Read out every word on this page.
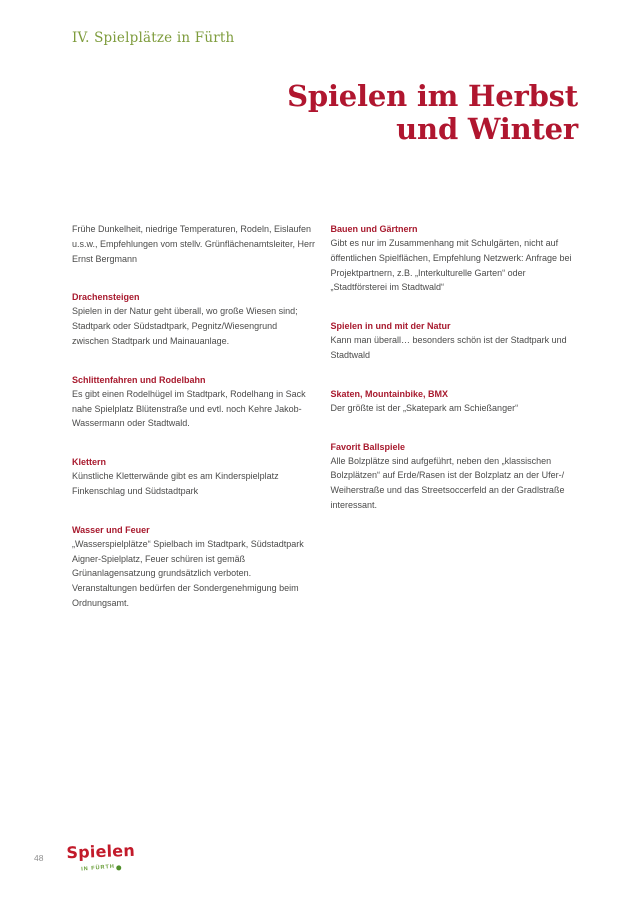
IV. Spielplätze in Fürth
Spielen im Herbst
und Winter

Frühe Dunkelheit, niedrige Temperaturen, Rodeln, Eislaufen u.s.w., Empfehlungen vom stellv. Grünflächenamtsleiter, Herr Ernst Bergmann

Drachensteigen

Spielen in der Natur geht überall, wo große Wiesen sind; Stadtpark oder Südstadtpark, Pegnitz/Wiesengrund zwischen Stadtpark und Mainauanlage.

Schlittenfahren und Rodelbahn

Es gibt einen Rodelhügel im Stadtpark, Rodelhang in Sack nahe Spielplatz Blütenstraße und evtl. noch Kehre Jakob-Wassermann oder Stadtwald.

Klettern

Künstliche Kletterwände gibt es am Kinderspielplatz Finkenschlag und Südstadtpark

Wasser und Feuer

„Wasserspielplätze“ Spielbach im Stadtpark, Südstadtpark Aigner-Spielplatz, Feuer schüren ist gemäß Grünanlagensatzung grundsätzlich verboten. Veranstaltungen bedürfen der Sondergenehmigung beim Ordnungsamt.

Bauen und Gärtnern

Gibt es nur im Zusammenhang mit Schulgärten, nicht auf öffentlichen Spielflächen, Empfehlung Netzwerk: Anfrage bei Projektpartnern, z.B. „Interkulturelle Garten“ oder „Stadtförsterei im Stadtwald“

Spielen in und mit der Natur

Kann man überall… besonders schön ist der Stadtpark und Stadtwald

Skaten, Mountainbike, BMX

Der größte ist der „Skatepark am Schießanger“

Favorit Ballspiele

Alle Bolzplätze sind aufgeführt, neben den „klassischen Bolzplätzen“ auf Erde/Rasen ist der Bolzplatz an der Ufer-/ Weiherstraße und das Streetsoccerfeld an der Gradlstraße interessant.

48 Spielen
IN FÜRTH
